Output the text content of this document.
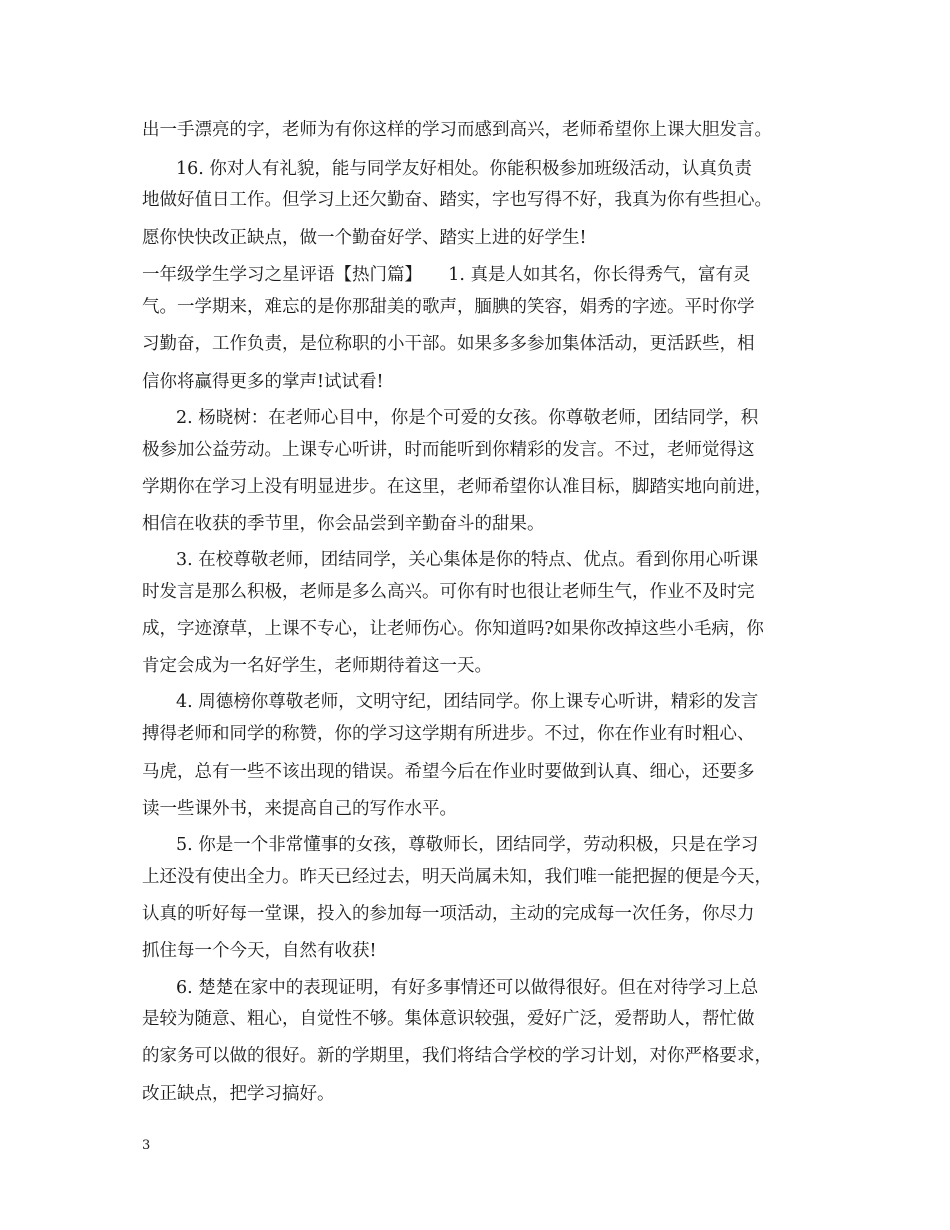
出一手漂亮的字，老师为有你这样的学习而感到高兴，老师希望你上课大胆发言。
16. 你对人有礼貌，能与同学友好相处。你能积极参加班级活动，认真负责
地做好值日工作。但学习上还欠勤奋、踏实，字也写得不好，我真为你有些担心。
愿你快快改正缺点，做一个勤奋好学、踏实上进的好学生!
一年级学生学习之星评语【热门篇】　　1. 真是人如其名，你长得秀气，富有灵
气。一学期来，难忘的是你那甜美的歌声，腼腆的笑容，娟秀的字迹。平时你学
习勤奋，工作负责，是位称职的小干部。如果多多参加集体活动，更活跃些，相
信你将赢得更多的掌声!试试看!
2. 杨晓树：在老师心目中，你是个可爱的女孩。你尊敬老师，团结同学，积
极参加公益劳动。上课专心听讲，时而能听到你精彩的发言。不过，老师觉得这
学期你在学习上没有明显进步。在这里，老师希望你认准目标，脚踏实地向前进，
相信在收获的季节里，你会品尝到辛勤奋斗的甜果。
3. 在校尊敬老师，团结同学，关心集体是你的特点、优点。看到你用心听课
时发言是那么积极，老师是多么高兴。可你有时也很让老师生气，作业不及时完
成，字迹潦草，上课不专心，让老师伤心。你知道吗?如果你改掉这些小毛病，你
肯定会成为一名好学生，老师期待着这一天。
4. 周德榜你尊敬老师，文明守纪，团结同学。你上课专心听讲，精彩的发言
搏得老师和同学的称赞，你的学习这学期有所进步。不过，你在作业有时粗心、
马虎，总有一些不该出现的错误。希望今后在作业时要做到认真、细心，还要多
读一些课外书，来提高自己的写作水平。
5. 你是一个非常懂事的女孩，尊敬师长，团结同学，劳动积极，只是在学习
上还没有使出全力。昨天已经过去，明天尚属未知，我们唯一能把握的便是今天，
认真的听好每一堂课，投入的参加每一项活动，主动的完成每一次任务，你尽力
抓住每一个今天，自然有收获!
6. 楚楚在家中的表现证明，有好多事情还可以做得很好。但在对待学习上总
是较为随意、粗心，自觉性不够。集体意识较强，爱好广泛，爱帮助人，帮忙做
的家务可以做的很好。新的学期里，我们将结合学校的学习计划，对你严格要求，
改正缺点，把学习搞好。
3
